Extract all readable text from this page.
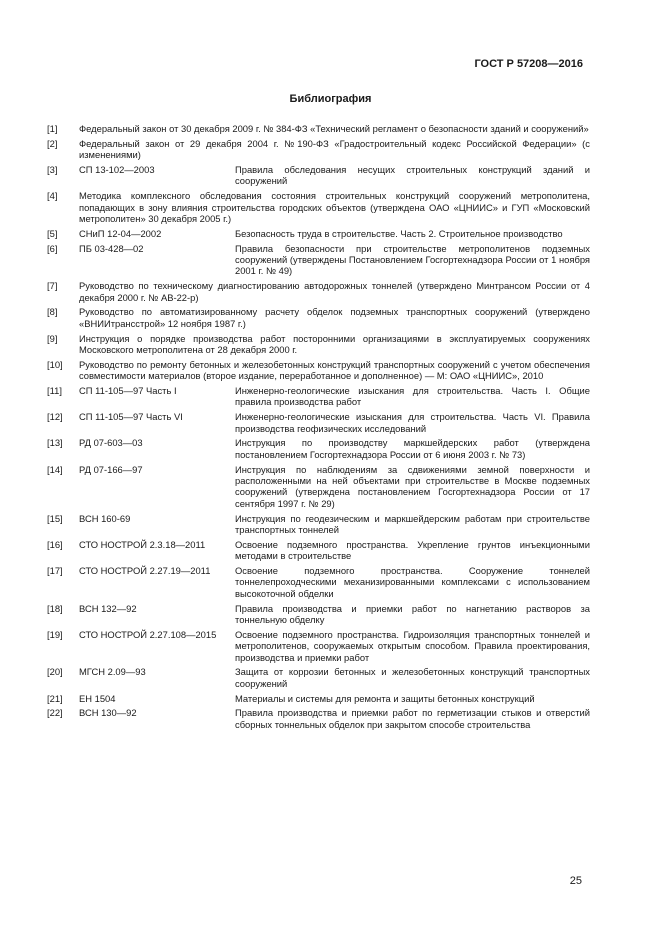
ГОСТ Р 57208—2016
Библиография
[1] Федеральный закон от 30 декабря 2009 г. № 384-ФЗ «Технический регламент о безопасности зданий и сооружений»
[2] Федеральный закон от 29 декабря 2004 г. №190-ФЗ «Градостроительный кодекс Российской Федерации» (с изменениями)
[3] СП 13-102—2003	Правила обследования несущих строительных конструкций зданий и сооружений
[4] Методика комплексного обследования состояния строительных конструкций сооружений метрополитена, попадающих в зону влияния строительства городских объектов (утверждена ОАО «ЦНИИС» и ГУП «Московский метрополитен» 30 декабря 2005 г.)
[5] СНиП 12-04—2002	Безопасность труда в строительстве. Часть 2. Строительное производство
[6] ПБ 03-428—02	Правила безопасности при строительстве метрополитенов подземных сооружений (утверждены Постановлением Госгортехнадзора России от 1 ноября 2001 г. № 49)
[7] Руководство по техническому диагностированию автодорожных тоннелей (утверждено Минтрансом России от 4 декабря 2000 г. № АВ-22-р)
[8] Руководство по автоматизированному расчету обделок подземных транспортных сооружений (утверждено «ВНИИтрансстрой» 12 ноября 1987 г.)
[9] Инструкция о порядке производства работ посторонними организациями в эксплуатируемых сооружениях Московского метрополитена от 28 декабря 2000 г.
[10] Руководство по ремонту бетонных и железобетонных конструкций транспортных сооружений с учетом обеспечения совместимости материалов (второе издание, переработанное и дополненное) — М: ОАО «ЦНИИС», 2010
[11] СП 11-105—97 Часть I	Инженерно-геологические изыскания для строительства. Часть I. Общие правила производства работ
[12] СП 11-105—97 Часть VI	Инженерно-геологические изыскания для строительства. Часть VI. Правила производства геофизических исследований
[13] РД 07-603—03	Инструкция по производству маркшейдерских работ (утверждена постановлением Госгортехнадзора России от 6 июня 2003 г. № 73)
[14] РД 07-166—97	Инструкция по наблюдениям за сдвижениями земной поверхности и расположенными на ней объектами при строительстве в Москве подземных сооружений (утверждена постановлением Госгортехнадзора России от 17 сентября 1997 г. № 29)
[15] ВСН 160-69	Инструкция по геодезическим и маркшейдерским работам при строительстве транспортных тоннелей
[16] СТО НОСТРОЙ 2.3.18—2011	Освоение подземного пространства. Укрепление грунтов инъекционными методами в строительстве
[17] СТО НОСТРОЙ 2.27.19—2011	Освоение подземного пространства. Сооружение тоннелей тоннелепроходческими механизированными комплексами с использованием высокоточной обделки
[18] ВСН 132—92	Правила производства и приемки работ по нагнетанию растворов за тоннельную обделку
[19] СТО НОСТРОЙ 2.27.108—2015	Освоение подземного пространства. Гидроизоляция транспортных тоннелей и метрополитенов, сооружаемых открытым способом. Правила проектирования, производства и приемки работ
[20] МГСН 2.09—93	Защита от коррозии бетонных и железобетонных конструкций транспортных сооружений
[21] ЕН 1504	Материалы и системы для ремонта и защиты бетонных конструкций
[22] ВСН 130—92	Правила производства и приемки работ по герметизации стыков и отверстий сборных тоннельных обделок при закрытом способе строительства
25
